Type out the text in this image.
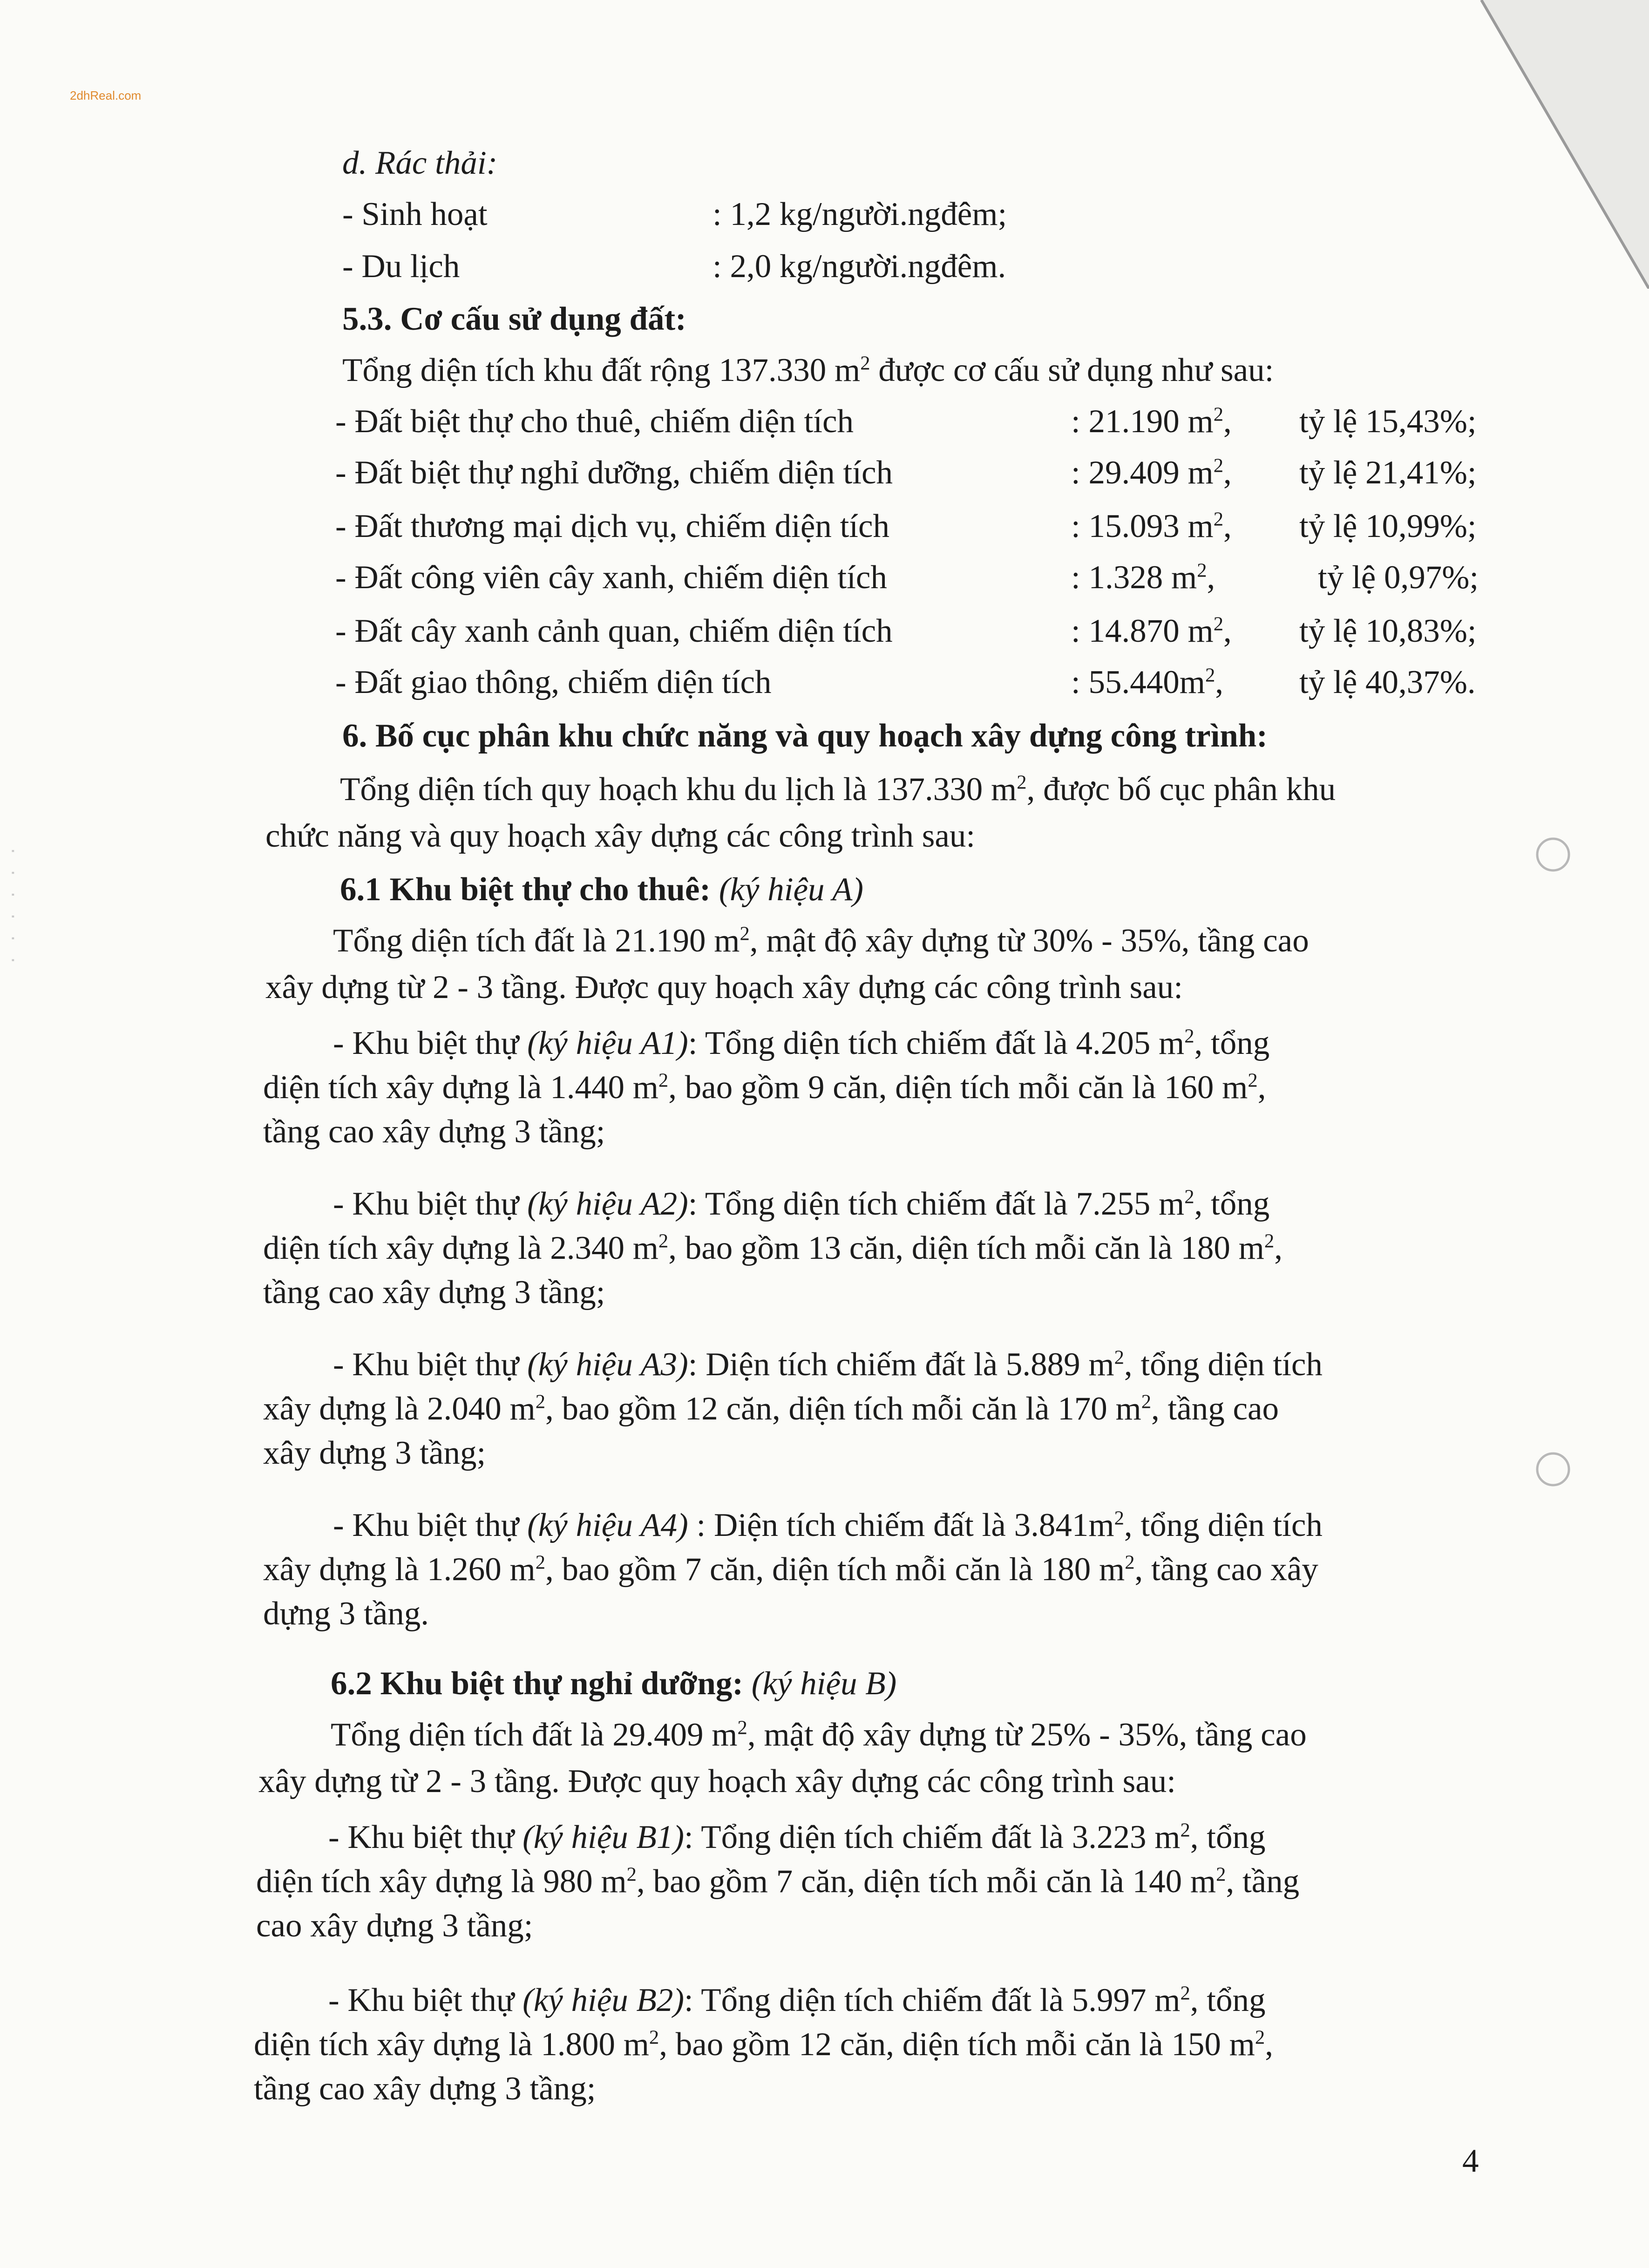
2dhReal.com
· · · · · ·
d. Rác thải:
- Sinh hoạt	: 1,2 kg/người.ngđêm;
- Du lịch	: 2,0 kg/người.ngđêm.
5.3. Cơ cấu sử dụng đất:
Tổng diện tích khu đất rộng 137.330 $m^2$ được cơ cấu sử dụng như sau:
- Đất biệt thự cho thuê, chiếm diện tích	: 21.190 $m^2$, tỷ lệ 15,43%;
- Đất biệt thự nghỉ dưỡng, chiếm diện tích	: 29.409 $m^2$, tỷ lệ 21,41%;
- Đất thương mại dịch vụ, chiếm diện tích	: 15.093 $m^2$, tỷ lệ 10,99%;
- Đất công viên cây xanh, chiếm diện tích	: 1.328 $m^2$,	tỷ lệ 0,97%;
- Đất cây xanh cảnh quan, chiếm diện tích	: 14.870 $m^2$, tỷ lệ 10,83%;
- Đất giao thông, chiếm diện tích	: $55.440m^2$, tỷ lệ 40,37%.
6. Bố cục phân khu chức năng và quy hoạch xây dựng công trình:
Tổng diện tích quy hoạch khu du lịch là 137.330 $m^2$, được bố cục phân khu
chức năng và quy hoạch xây dựng các công trình sau:
6.1 Khu biệt thự cho thuê: (ký hiệu A)
Tổng diện tích đất là 21.190 $m^2$, mật độ xây dựng từ 30% - 35%, tầng cao
xây dựng từ 2 - 3 tầng. Được quy hoạch xây dựng các công trình sau:
- Khu biệt thự (ký hiệu A1): Tổng diện tích chiếm đất là 4.205 $m^2$, tổng
diện tích xây dựng là 1.440 $m^2$, bao gồm 9 căn, diện tích mỗi căn là 160 $m^2$,
tầng cao xây dựng 3 tầng;
- Khu biệt thự (ký hiệu A2): Tổng diện tích chiếm đất là 7.255 $m^2$, tổng
diện tích xây dựng là 2.340 $m^2$, bao gồm 13 căn, diện tích mỗi căn là 180 $m^2$,
tầng cao xây dựng 3 tầng;
- Khu biệt thự (ký hiệu A3): Diện tích chiếm đất là 5.889 $m^2$, tổng diện tích
xây dựng là 2.040 $m^2$, bao gồm 12 căn, diện tích mỗi căn là 170 $m^2$, tầng cao
xây dựng 3 tầng;
- Khu biệt thự (ký hiệu A4) : Diện tích chiếm đất là $3.841m^2$, tổng diện tích
xây dựng là 1.260 $m^2$, bao gồm 7 căn, diện tích mỗi căn là 180 $m^2$, tầng cao xây
dựng 3 tầng.
6.2 Khu biệt thự nghỉ dưỡng: (ký hiệu B)
Tổng diện tích đất là 29.409 $m^2$, mật độ xây dựng từ 25% - 35%, tầng cao
xây dựng từ 2 - 3 tầng. Được quy hoạch xây dựng các công trình sau:
- Khu biệt thự (ký hiệu B1): Tổng diện tích chiếm đất là 3.223 $m^2$, tổng
diện tích xây dựng là 980 $m^2$, bao gồm 7 căn, diện tích mỗi căn là 140 $m^2$, tầng
cao xây dựng 3 tầng;
- Khu biệt thự (ký hiệu B2): Tổng diện tích chiếm đất là 5.997 $m^2$, tổng
diện tích xây dựng là 1.800 $m^2$, bao gồm 12 căn, diện tích mỗi căn là 150 $m^2$,
tầng cao xây dựng 3 tầng;
4
